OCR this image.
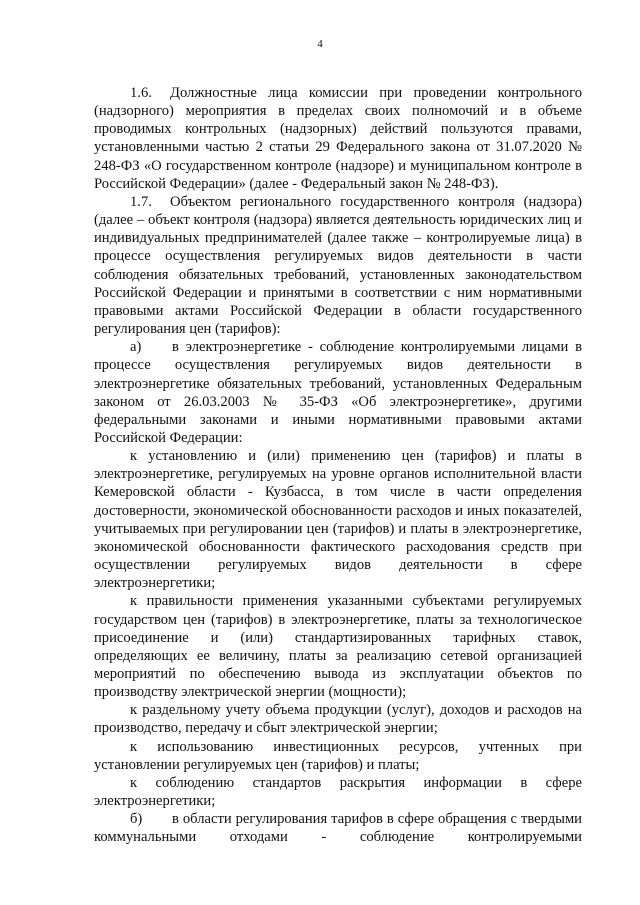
4

1.6. Должностные лица комиссии при проведении контрольного (надзорного) мероприятия в пределах своих полномочий и в объеме проводимых контрольных (надзорных) действий пользуются правами, установленными частью 2 статьи 29 Федерального закона от 31.07.2020 № 248-ФЗ «О государственном контроле (надзоре) и муниципальном контроле в Российской Федерации» (далее - Федеральный закон № 248-ФЗ).

1.7. Объектом регионального государственного контроля (надзора) (далее – объект контроля (надзора) является деятельность юридических лиц и индивидуальных предпринимателей (далее также – контролируемые лица) в процессе осуществления регулируемых видов деятельности в части соблюдения обязательных требований, установленных законодательством Российской Федерации и принятыми в соответствии с ним нормативными правовыми актами Российской Федерации в области государственного регулирования цен (тарифов):

а) в электроэнергетике - соблюдение контролируемыми лицами в процессе осуществления регулируемых видов деятельности в электроэнергетике обязательных требований, установленных Федеральным законом от 26.03.2003 № 35-ФЗ «Об электроэнергетике», другими федеральными законами и иными нормативными правовыми актами Российской Федерации:

к установлению и (или) применению цен (тарифов) и платы в электроэнергетике, регулируемых на уровне органов исполнительной власти Кемеровской области - Кузбасса, в том числе в части определения достоверности, экономической обоснованности расходов и иных показателей, учитываемых при регулировании цен (тарифов) и платы в электроэнергетике, экономической обоснованности фактического расходования средств при осуществлении регулируемых видов деятельности в сфере электроэнергетики;

к правильности применения указанными субъектами регулируемых государством цен (тарифов) в электроэнергетике, платы за технологическое присоединение и (или) стандартизированных тарифных ставок, определяющих ее величину, платы за реализацию сетевой организацией мероприятий по обеспечению вывода из эксплуатации объектов по производству электрической энергии (мощности);

к раздельному учету объема продукции (услуг), доходов и расходов на производство, передачу и сбыт электрической энергии;

к использованию инвестиционных ресурсов, учтенных при установлении регулируемых цен (тарифов) и платы;

к соблюдению стандартов раскрытия информации в сфере электроэнергетики;

б) в области регулирования тарифов в сфере обращения с твердыми коммунальными отходами - соблюдение контролируемыми
